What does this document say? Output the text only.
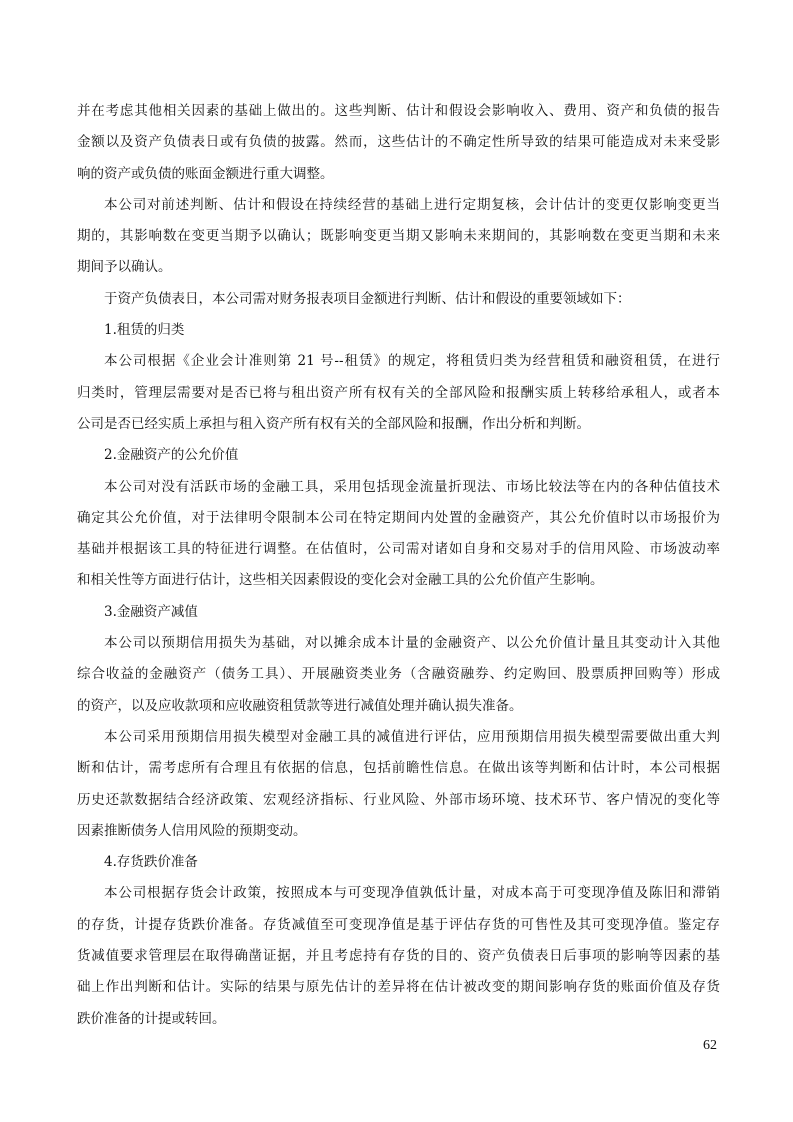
并在考虑其他相关因素的基础上做出的。这些判断、估计和假设会影响收入、费用、资产和负债的报告
金额以及资产负债表日或有负债的披露。然而，这些估计的不确定性所导致的结果可能造成对未来受影
响的资产或负债的账面金额进行重大调整。
本公司对前述判断、估计和假设在持续经营的基础上进行定期复核，会计估计的变更仅影响变更当
期的，其影响数在变更当期予以确认；既影响变更当期又影响未来期间的，其影响数在变更当期和未来
期间予以确认。
于资产负债表日，本公司需对财务报表项目金额进行判断、估计和假设的重要领域如下：
1.租赁的归类
本公司根据《企业会计准则第 21 号--租赁》的规定，将租赁归类为经营租赁和融资租赁，在进行
归类时，管理层需要对是否已将与租出资产所有权有关的全部风险和报酬实质上转移给承租人，或者本
公司是否已经实质上承担与租入资产所有权有关的全部风险和报酬，作出分析和判断。
2.金融资产的公允价值
本公司对没有活跃市场的金融工具，采用包括现金流量折现法、市场比较法等在内的各种估值技术
确定其公允价值，对于法律明令限制本公司在特定期间内处置的金融资产，其公允价值时以市场报价为
基础并根据该工具的特征进行调整。在估值时，公司需对诸如自身和交易对手的信用风险、市场波动率
和相关性等方面进行估计，这些相关因素假设的变化会对金融工具的公允价值产生影响。
3.金融资产减值
本公司以预期信用损失为基础，对以摊余成本计量的金融资产、以公允价值计量且其变动计入其他
综合收益的金融资产（债务工具）、开展融资类业务（含融资融券、约定购回、股票质押回购等）形成
的资产，以及应收款项和应收融资租赁款等进行减值处理并确认损失准备。
本公司采用预期信用损失模型对金融工具的减值进行评估，应用预期信用损失模型需要做出重大判
断和估计，需考虑所有合理且有依据的信息，包括前瞻性信息。在做出该等判断和估计时，本公司根据
历史还款数据结合经济政策、宏观经济指标、行业风险、外部市场环境、技术环节、客户情况的变化等
因素推断债务人信用风险的预期变动。
4.存货跌价准备
本公司根据存货会计政策，按照成本与可变现净值孰低计量，对成本高于可变现净值及陈旧和滞销
的存货，计提存货跌价准备。存货减值至可变现净值是基于评估存货的可售性及其可变现净值。鉴定存
货减值要求管理层在取得确凿证据，并且考虑持有存货的目的、资产负债表日后事项的影响等因素的基
础上作出判断和估计。实际的结果与原先估计的差异将在估计被改变的期间影响存货的账面价值及存货
跌价准备的计提或转回。
62
